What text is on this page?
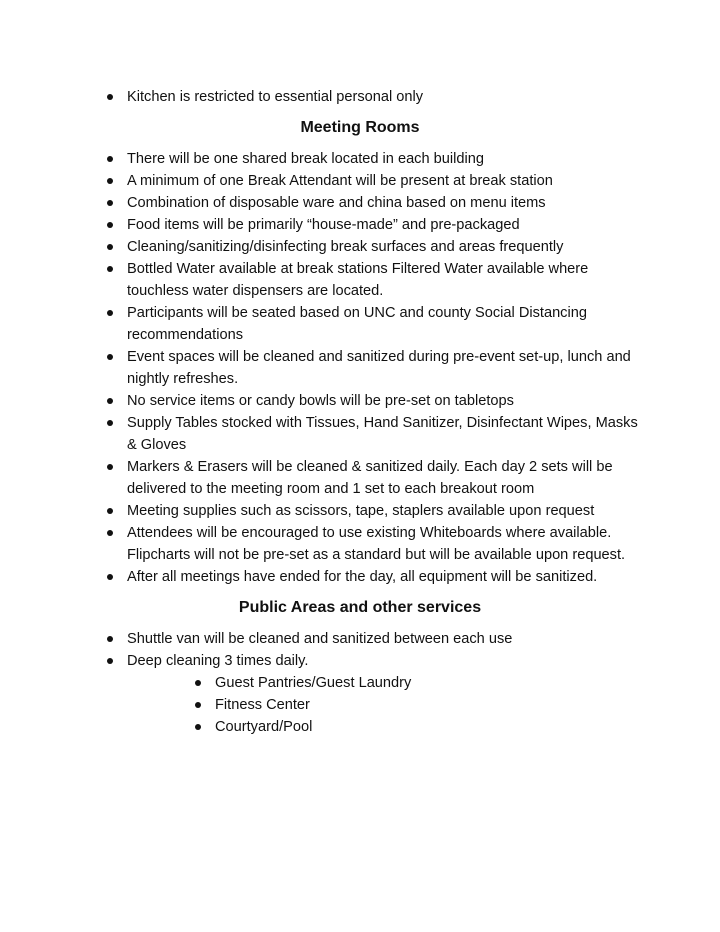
Kitchen is restricted to essential personal only
Meeting Rooms
There will be one shared break located in each building
A minimum of one Break Attendant will be present at break station
Combination of disposable ware and china based on menu items
Food items will be primarily “house-made” and pre-packaged
Cleaning/sanitizing/disinfecting break surfaces and areas frequently
Bottled Water available at break stations Filtered Water available where touchless water dispensers are located.
Participants will be seated based on UNC and county Social Distancing recommendations
Event spaces will be cleaned and sanitized during pre-event set-up, lunch and nightly refreshes.
No service items or candy bowls will be pre-set on tabletops
Supply Tables stocked with Tissues, Hand Sanitizer, Disinfectant Wipes, Masks & Gloves
Markers & Erasers will be cleaned & sanitized daily. Each day 2 sets will be delivered to the meeting room and 1 set to each breakout room
Meeting supplies such as scissors, tape, staplers available upon request
Attendees will be encouraged to use existing Whiteboards where available. Flipcharts will not be pre-set as a standard but will be available upon request.
After all meetings have ended for the day, all equipment will be sanitized.
Public Areas and other services
Shuttle van will be cleaned and sanitized between each use
Deep cleaning 3 times daily.
Guest Pantries/Guest Laundry
Fitness Center
Courtyard/Pool
